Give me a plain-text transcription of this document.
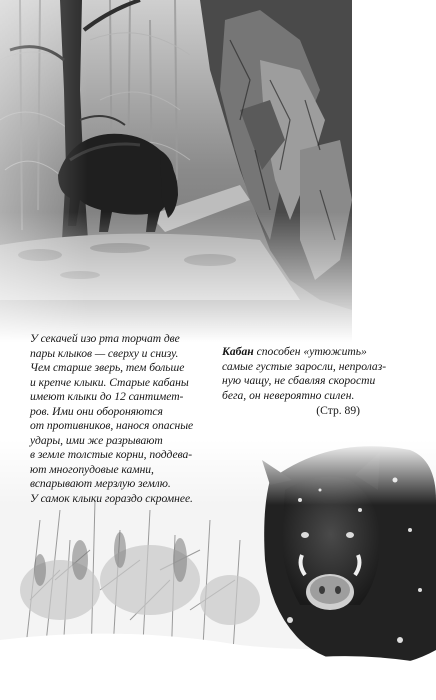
У секачей изо рта торчат две
пары клыков — сверху и снизу.
Чем старше зверь, тем больше
и крепче клыки. Старые кабаны
имеют клыки до 12 сантимет-
ров. Ими они обороняются
от противников, нанося опасные
удары, ими же разрывают
в земле толстые корни, поддева-
ют многопудовые камни,
вспарывают мерзлую землю.
У самок клыки гораздо скромнее.
Кабан способен «утюжить»
самые густые заросли, непролаз-
ную чащу, не сбавляя скорости
бега, он невероятно силен.
(Стр. 89)
